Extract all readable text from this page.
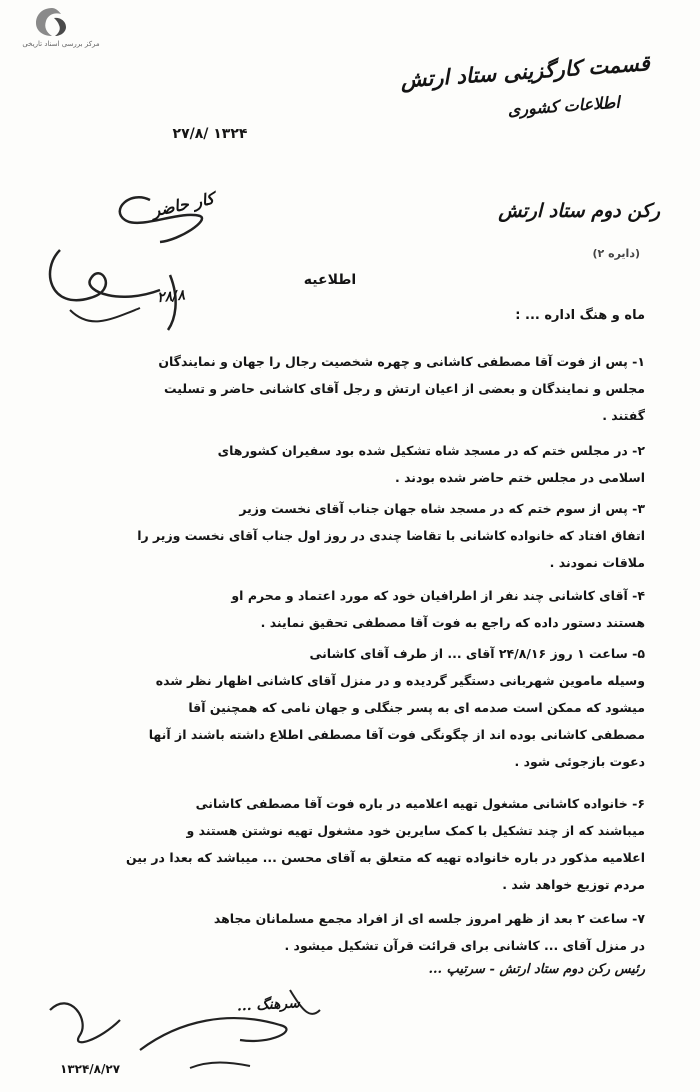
مرکز بررسی اسناد تاریخی
قسمت کارگزینی ستاد ارتش
اطلاعات کشوری
۲۷/۸/ ۱۳۲۴
رکن دوم ستاد ارتش
(دایره ۲)
کار حاضر
۲۸/۸
اطلاعیه
ماه و هنگ اداره ... :
۱- پس از فوت آقا مصطفی کاشانی و چهره شخصیت رجال را جهان و نمایندگان
مجلس و نمایندگان و بعضی از اعیان ارتش و رجل آقای کاشانی حاضر و تسلیت
گفتند .
۲- در مجلس ختم که در مسجد شاه تشکیل شده بود سفیران کشورهای
اسلامی در مجلس ختم حاضر شده بودند .
۳- پس از سوم ختم که در مسجد شاه جهان جناب آقای نخست وزیر
اتفاق افتاد که خانواده کاشانی با تقاضا چندی در روز اول جناب آقای نخست وزیر را
ملاقات نمودند .
۴- آقای کاشانی چند نفر از اطرافیان خود که مورد اعتماد و محرم او
هستند دستور داده که راجع به فوت آقا مصطفی تحقیق نمایند .
۵- ساعت ۱ روز ۲۴/۸/۱۶ آقای ... از طرف آقای کاشانی
وسیله ماموین شهربانی دستگیر گردیده و در منزل آقای کاشانی اظهار نظر شده
میشود که ممکن است صدمه ای به پسر جنگلی و جهان نامی که همچنین آقا
مصطفی کاشانی بوده اند از چگونگی فوت آقا مصطفی اطلاع داشته باشند از آنها
دعوت بازجوئی شود .
۶- خانواده کاشانی مشغول تهیه اعلامیه در باره فوت آقا مصطفی کاشانی
میباشند که از چند تشکیل با کمک سایرین خود مشغول تهیه نوشتن هستند و
اعلامیه مذکور در باره خانواده تهیه که متعلق به آقای محسن ... میباشد که بعدا در بین
مردم توزیع خواهد شد .
۷- ساعت ۲ بعد از ظهر امروز جلسه ای از افراد مجمع مسلمانان مجاهد
در منزل آقای ... کاشانی برای قرائت قرآن تشکیل میشود .
رئیس رکن دوم ستاد ارتش - سرتیپ ...
سرهنگ ...
۱۳۲۴/۸/۲۷
